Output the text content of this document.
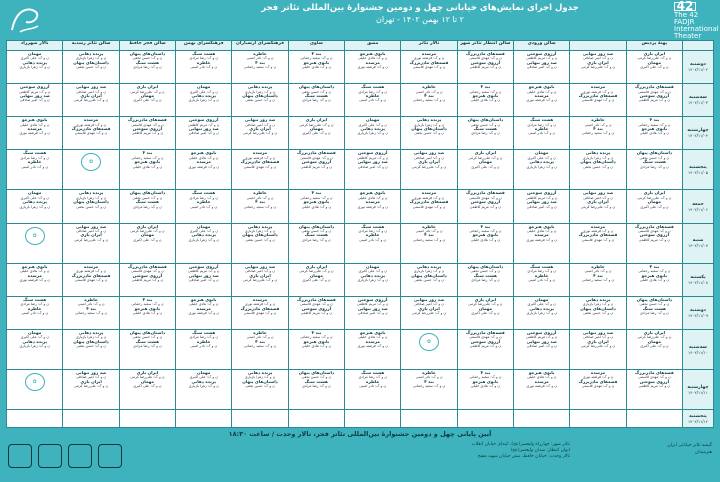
جدول اجرای نمایش‌های خیابانی چهل و دومین جشنوارهٔ بین‌المللی تئاتر فجر
۲ تا ۱۲ بهمن ۱۴۰۲ - تهران
42
The 42 FADJR International Theater
	پهنهٔ پردیس		سالن ورودی	سالن انتظار تئاتر شهر	تالار تئاتر	مشق	ساوی	فرهنگسرای ارسباران	فرهنگسرای بهمن	سالن فجر حافظ	سالن تئاتر رشدیه	تالار شهرزاد

دوشنبه
۱۴۰۲/۱۱/۰۲	ایران بازی
ن و ک: علی‌رضا کرمی
مهمان
ن و ک: علی اکبری	صد روز تنهایی
ن و ک: امیر صادقی
ایران بازی
ن و ک: علی‌رضا کرمی	آرزوی سوختن
ن و ک: مریم کاظمی
صد روز تنهایی
ن و ک: امیر صادقی	قصه‌های مادربزرگ
ن و ک: مهدی قاسمی
آرزوی سوختن
ن و ک: مریم کاظمی	مرسده
ن و ک: فرشته نوری
قصه‌های مادربزرگ
ن و ک: مهدی قاسمی	بانوی هنرجو
ن و ک: هادی خلیلی
مرسده
ن و ک: فرشته نوری	بند ۴
ن و ک: سعید رحمانی
بانوی هنرجو
ن و ک: هادی خلیلی	خاطره
ن و ک: نادر امینی
بند ۴
ن و ک: سعید رحمانی	هشت سنگ
ن و ک: رضا مرادی
خاطره
ن و ک: نادر امینی	داستان‌های پنهان
ن و ک: حسن نجفی
هشت سنگ
ن و ک: رضا مرادی	پرنده دهانی
ن و ک: زهرا بازیاری
داستان‌های پنهان
ن و ک: حسن نجفی	مهمان
ن و ک: علی اکبری
پرنده دهانی
ن و ک: زهرا بازیاری

سه‌شنبه
۱۴۰۲/۱۱/۰۳	قصه‌های مادربزرگ
ن و ک: مهدی قاسمی
آرزوی سوختن
ن و ک: مریم کاظمی	مرسده
ن و ک: فرشته نوری
قصه‌های مادربزرگ
ن و ک: مهدی قاسمی	بانوی هنرجو
ن و ک: هادی خلیلی
مرسده
ن و ک: فرشته نوری	بند ۴
ن و ک: سعید رحمانی
بانوی هنرجو
ن و ک: هادی خلیلی	خاطره
ن و ک: نادر امینی
بند ۴
ن و ک: سعید رحمانی	هشت سنگ
ن و ک: رضا مرادی
خاطره
ن و ک: نادر امینی	داستان‌های پنهان
ن و ک: حسن نجفی
هشت سنگ
ن و ک: رضا مرادی	پرنده دهانی
ن و ک: زهرا بازیاری
داستان‌های پنهان
ن و ک: حسن نجفی	مهمان
ن و ک: علی اکبری
پرنده دهانی
ن و ک: زهرا بازیاری	ایران بازی
ن و ک: علی‌رضا کرمی
مهمان
ن و ک: علی اکبری	صد روز تنهایی
ن و ک: امیر صادقی
ایران بازی
ن و ک: علی‌رضا کرمی	آرزوی سوختن
ن و ک: مریم کاظمی
صد روز تنهایی
ن و ک: امیر صادقی

چهارشنبه
۱۴۰۲/۱۱/۰۴	بند ۴
ن و ک: سعید رحمانی
بانوی هنرجو
ن و ک: هادی خلیلی	خاطره
ن و ک: نادر امینی
بند ۴
ن و ک: سعید رحمانی	هشت سنگ
ن و ک: رضا مرادی
خاطره
ن و ک: نادر امینی	داستان‌های پنهان
ن و ک: حسن نجفی
هشت سنگ
ن و ک: رضا مرادی	پرنده دهانی
ن و ک: زهرا بازیاری
داستان‌های پنهان
ن و ک: حسن نجفی	مهمان
ن و ک: علی اکبری
پرنده دهانی
ن و ک: زهرا بازیاری	ایران بازی
ن و ک: علی‌رضا کرمی
مهمان
ن و ک: علی اکبری	صد روز تنهایی
ن و ک: امیر صادقی
ایران بازی
ن و ک: علی‌رضا کرمی	آرزوی سوختن
ن و ک: مریم کاظمی
صد روز تنهایی
ن و ک: امیر صادقی	قصه‌های مادربزرگ
ن و ک: مهدی قاسمی
آرزوی سوختن
ن و ک: مریم کاظمی	مرسده
ن و ک: فرشته نوری
قصه‌های مادربزرگ
ن و ک: مهدی قاسمی	بانوی هنرجو
ن و ک: هادی خلیلی
مرسده
ن و ک: فرشته نوری

پنجشنبه
۱۴۰۲/۱۱/۰۵	داستان‌های پنهان
ن و ک: حسن نجفی
هشت سنگ
ن و ک: رضا مرادی	پرنده دهانی
ن و ک: زهرا بازیاری
داستان‌های پنهان
ن و ک: حسن نجفی	مهمان
ن و ک: علی اکبری
پرنده دهانی
ن و ک: زهرا بازیاری	ایران بازی
ن و ک: علی‌رضا کرمی
مهمان
ن و ک: علی اکبری	صد روز تنهایی
ن و ک: امیر صادقی
ایران بازی
ن و ک: علی‌رضا کرمی	آرزوی سوختن
ن و ک: مریم کاظمی
صد روز تنهایی
ن و ک: امیر صادقی	قصه‌های مادربزرگ
ن و ک: مهدی قاسمی
آرزوی سوختن
ن و ک: مریم کاظمی	مرسده
ن و ک: فرشته نوری
قصه‌های مادربزرگ
ن و ک: مهدی قاسمی	بانوی هنرجو
ن و ک: هادی خلیلی
مرسده
ن و ک: فرشته نوری	بند ۴
ن و ک: سعید رحمانی
بانوی هنرجو
ن و ک: هادی خلیلی	✿	هشت سنگ
ن و ک: رضا مرادی
خاطره
ن و ک: نادر امینی

جمعه
۱۴۰۲/۱۱/۰۶	ایران بازی
ن و ک: علی‌رضا کرمی
مهمان
ن و ک: علی اکبری	صد روز تنهایی
ن و ک: امیر صادقی
ایران بازی
ن و ک: علی‌رضا کرمی	آرزوی سوختن
ن و ک: مریم کاظمی
صد روز تنهایی
ن و ک: امیر صادقی	قصه‌های مادربزرگ
ن و ک: مهدی قاسمی
آرزوی سوختن
ن و ک: مریم کاظمی	مرسده
ن و ک: فرشته نوری
قصه‌های مادربزرگ
ن و ک: مهدی قاسمی	بانوی هنرجو
ن و ک: هادی خلیلی
مرسده
ن و ک: فرشته نوری	بند ۴
ن و ک: سعید رحمانی
بانوی هنرجو
ن و ک: هادی خلیلی	خاطره
ن و ک: نادر امینی
بند ۴
ن و ک: سعید رحمانی	هشت سنگ
ن و ک: رضا مرادی
خاطره
ن و ک: نادر امینی	داستان‌های پنهان
ن و ک: حسن نجفی
هشت سنگ
ن و ک: رضا مرادی	پرنده دهانی
ن و ک: زهرا بازیاری
داستان‌های پنهان
ن و ک: حسن نجفی	مهمان
ن و ک: علی اکبری
پرنده دهانی
ن و ک: زهرا بازیاری

شنبه
۱۴۰۲/۱۱/۰۷	قصه‌های مادربزرگ
ن و ک: مهدی قاسمی
آرزوی سوختن
ن و ک: مریم کاظمی	مرسده
ن و ک: فرشته نوری
قصه‌های مادربزرگ
ن و ک: مهدی قاسمی	بانوی هنرجو
ن و ک: هادی خلیلی
مرسده
ن و ک: فرشته نوری	بند ۴
ن و ک: سعید رحمانی
بانوی هنرجو
ن و ک: هادی خلیلی	خاطره
ن و ک: نادر امینی
بند ۴
ن و ک: سعید رحمانی	هشت سنگ
ن و ک: رضا مرادی
خاطره
ن و ک: نادر امینی	داستان‌های پنهان
ن و ک: حسن نجفی
هشت سنگ
ن و ک: رضا مرادی	پرنده دهانی
ن و ک: زهرا بازیاری
داستان‌های پنهان
ن و ک: حسن نجفی	مهمان
ن و ک: علی اکبری
پرنده دهانی
ن و ک: زهرا بازیاری	ایران بازی
ن و ک: علی‌رضا کرمی
مهمان
ن و ک: علی اکبری	صد روز تنهایی
ن و ک: امیر صادقی
ایران بازی
ن و ک: علی‌رضا کرمی	✿

یکشنبه
۱۴۰۲/۱۱/۰۸	بند ۴
ن و ک: سعید رحمانی
بانوی هنرجو
ن و ک: هادی خلیلی	خاطره
ن و ک: نادر امینی
بند ۴
ن و ک: سعید رحمانی	هشت سنگ
ن و ک: رضا مرادی
خاطره
ن و ک: نادر امینی	داستان‌های پنهان
ن و ک: حسن نجفی
هشت سنگ
ن و ک: رضا مرادی	پرنده دهانی
ن و ک: زهرا بازیاری
داستان‌های پنهان
ن و ک: حسن نجفی	مهمان
ن و ک: علی اکبری
پرنده دهانی
ن و ک: زهرا بازیاری	ایران بازی
ن و ک: علی‌رضا کرمی
مهمان
ن و ک: علی اکبری	صد روز تنهایی
ن و ک: امیر صادقی
ایران بازی
ن و ک: علی‌رضا کرمی	آرزوی سوختن
ن و ک: مریم کاظمی
صد روز تنهایی
ن و ک: امیر صادقی	قصه‌های مادربزرگ
ن و ک: مهدی قاسمی
آرزوی سوختن
ن و ک: مریم کاظمی	مرسده
ن و ک: فرشته نوری
قصه‌های مادربزرگ
ن و ک: مهدی قاسمی	بانوی هنرجو
ن و ک: هادی خلیلی
مرسده
ن و ک: فرشته نوری

دوشنبه
۱۴۰۲/۱۱/۰۹	داستان‌های پنهان
ن و ک: حسن نجفی
هشت سنگ
ن و ک: رضا مرادی	پرنده دهانی
ن و ک: زهرا بازیاری
داستان‌های پنهان
ن و ک: حسن نجفی	مهمان
ن و ک: علی اکبری
پرنده دهانی
ن و ک: زهرا بازیاری	ایران بازی
ن و ک: علی‌رضا کرمی
مهمان
ن و ک: علی اکبری	صد روز تنهایی
ن و ک: امیر صادقی
ایران بازی
ن و ک: علی‌رضا کرمی	آرزوی سوختن
ن و ک: مریم کاظمی
صد روز تنهایی
ن و ک: امیر صادقی	قصه‌های مادربزرگ
ن و ک: مهدی قاسمی
آرزوی سوختن
ن و ک: مریم کاظمی	مرسده
ن و ک: فرشته نوری
قصه‌های مادربزرگ
ن و ک: مهدی قاسمی	بانوی هنرجو
ن و ک: هادی خلیلی
مرسده
ن و ک: فرشته نوری	بند ۴
ن و ک: سعید رحمانی
بانوی هنرجو
ن و ک: هادی خلیلی	خاطره
ن و ک: نادر امینی
بند ۴
ن و ک: سعید رحمانی	هشت سنگ
ن و ک: رضا مرادی
خاطره
ن و ک: نادر امینی

سه‌شنبه
۱۴۰۲/۱۱/۱۰	ایران بازی
ن و ک: علی‌رضا کرمی
مهمان
ن و ک: علی اکبری	صد روز تنهایی
ن و ک: امیر صادقی
ایران بازی
ن و ک: علی‌رضا کرمی	آرزوی سوختن
ن و ک: مریم کاظمی
صد روز تنهایی
ن و ک: امیر صادقی	قصه‌های مادربزرگ
ن و ک: مهدی قاسمی
آرزوی سوختن
ن و ک: مریم کاظمی	✿	بانوی هنرجو
ن و ک: هادی خلیلی
مرسده
ن و ک: فرشته نوری	بند ۴
ن و ک: سعید رحمانی
بانوی هنرجو
ن و ک: هادی خلیلی	خاطره
ن و ک: نادر امینی
بند ۴
ن و ک: سعید رحمانی	هشت سنگ
ن و ک: رضا مرادی
خاطره
ن و ک: نادر امینی	داستان‌های پنهان
ن و ک: حسن نجفی
هشت سنگ
ن و ک: رضا مرادی	پرنده دهانی
ن و ک: زهرا بازیاری
داستان‌های پنهان
ن و ک: حسن نجفی	مهمان
ن و ک: علی اکبری
پرنده دهانی
ن و ک: زهرا بازیاری

چهارشنبه
۱۴۰۲/۱۱/۱۱	قصه‌های مادربزرگ
ن و ک: مهدی قاسمی
آرزوی سوختن
ن و ک: مریم کاظمی	مرسده
ن و ک: فرشته نوری
قصه‌های مادربزرگ
ن و ک: مهدی قاسمی	بانوی هنرجو
ن و ک: هادی خلیلی
مرسده
ن و ک: فرشته نوری	بند ۴
ن و ک: سعید رحمانی
بانوی هنرجو
ن و ک: هادی خلیلی	خاطره
ن و ک: نادر امینی
بند ۴
ن و ک: سعید رحمانی	هشت سنگ
ن و ک: رضا مرادی
خاطره
ن و ک: نادر امینی	داستان‌های پنهان
ن و ک: حسن نجفی
هشت سنگ
ن و ک: رضا مرادی	پرنده دهانی
ن و ک: زهرا بازیاری
داستان‌های پنهان
ن و ک: حسن نجفی	مهمان
ن و ک: علی اکبری
پرنده دهانی
ن و ک: زهرا بازیاری	ایران بازی
ن و ک: علی‌رضا کرمی
مهمان
ن و ک: علی اکبری	صد روز تنهایی
ن و ک: امیر صادقی
ایران بازی
ن و ک: علی‌رضا کرمی	✿

پنجشنبه
۱۴۰۲/۱۱/۱۲												

آیین پایانی چهل و دومین جشنوارهٔ بین‌المللی تئاتر فجر، تالار وحدت / ساعت ۱۸:۳۰
تئاتر شهر: چهارراه ولیعصر(عج)، ابتدای خیابان انقلاب
ایوان انتظار: میدان ولیعصر(عج)
تالار وحدت: خیابان حافظ، نبش خیابان شهید مفتح
گیشه تئاتر خیابانی ایران
هنرمندان
